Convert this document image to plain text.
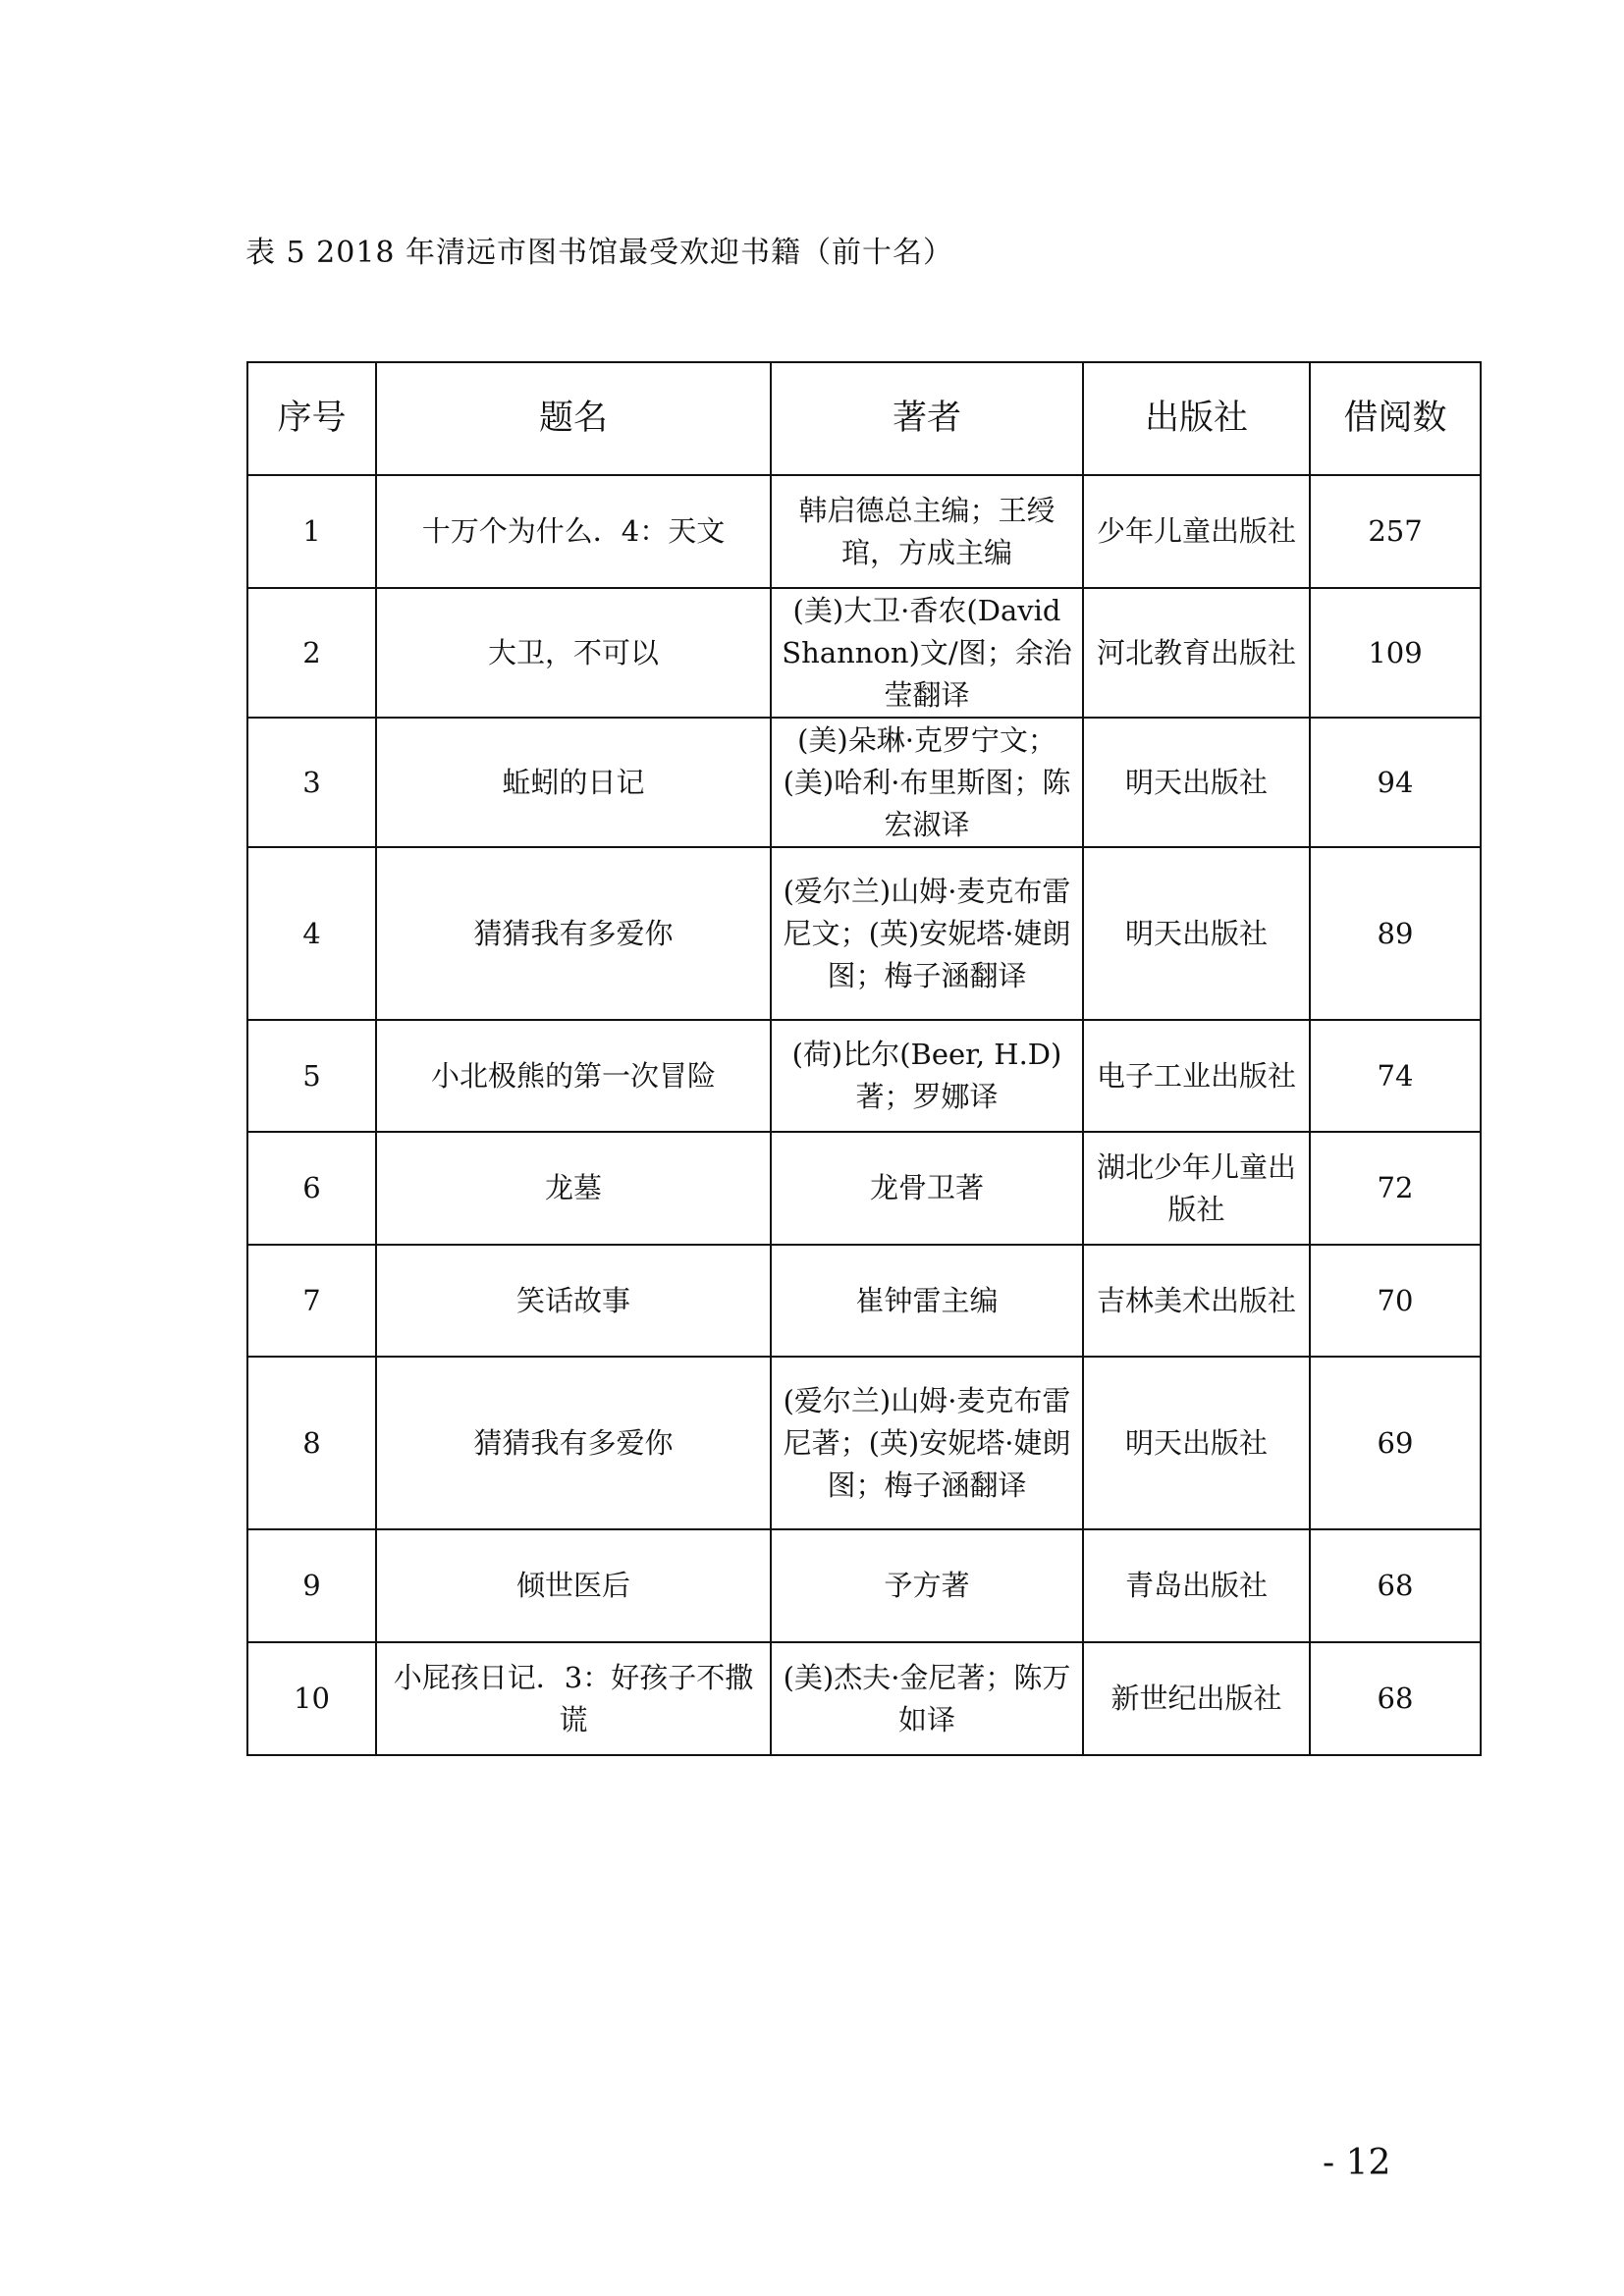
表 5 2018 年清远市图书馆最受欢迎书籍（前十名）
序号	题名	著者	出版社	借阅数
1	十万个为什么．4：天文	韩启德总主编；王绶琯，方成主编	少年儿童出版社	257
2	大卫，不可以	(美)大卫·香农(David Shannon)文/图；余治莹翻译	河北教育出版社	109
3	蚯蚓的日记	(美)朵琳·克罗宁文；(美)哈利·布里斯图；陈宏淑译	明天出版社	94
4	猜猜我有多爱你	(爱尔兰)山姆·麦克布雷尼文；(英)安妮塔·婕朗图；梅子涵翻译	明天出版社	89
5	小北极熊的第一次冒险	(荷)比尔(Beer, H.D)著；罗娜译	电子工业出版社	74
6	龙墓	龙骨卫著	湖北少年儿童出版社	72
7	笑话故事	崔钟雷主编	吉林美术出版社	70
8	猜猜我有多爱你	(爱尔兰)山姆·麦克布雷尼著；(英)安妮塔·婕朗图；梅子涵翻译	明天出版社	69
9	倾世医后	予方著	青岛出版社	68
10	小屁孩日记．3：好孩子不撒谎	(美)杰夫·金尼著；陈万如译	新世纪出版社	68
- 12
